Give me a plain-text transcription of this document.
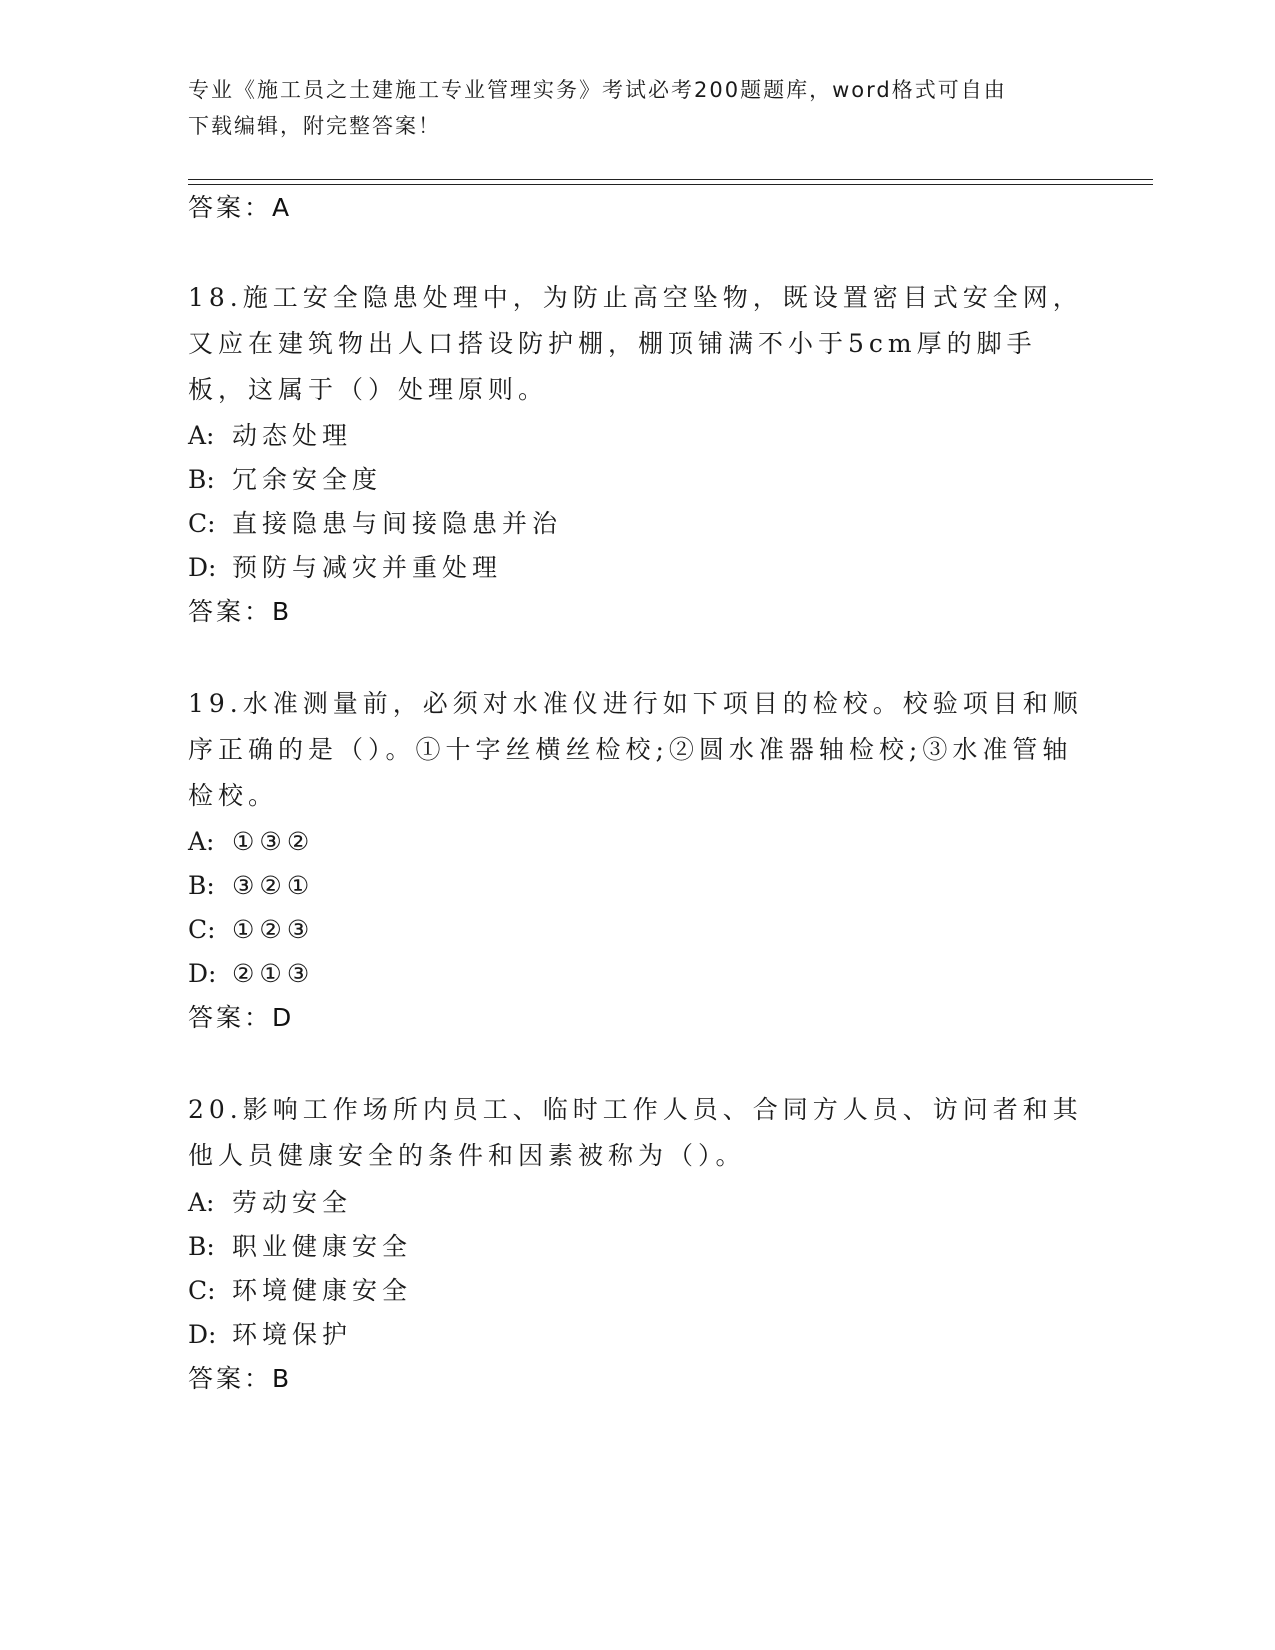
专业《施工员之土建施工专业管理实务》考试必考200题题库，word格式可自由
下载编辑，附完整答案！
答案：A
18.施工安全隐患处理中，为防止高空坠物，既设置密目式安全网，又应在建筑物出人口搭设防护棚，棚顶铺满不小于5cm厚的脚手板，这属于（）处理原则。
A: 动态处理
B: 冗余安全度
C: 直接隐患与间接隐患并治
D: 预防与减灾并重处理
答案：B
19.水准测量前，必须对水准仪进行如下项目的检校。校验项目和顺序正确的是（）。①十字丝横丝检校;②圆水准器轴检校;③水准管轴检校。
A: ①③②
B: ③②①
C: ①②③
D: ②①③
答案：D
20.影响工作场所内员工、临时工作人员、合同方人员、访问者和其他人员健康安全的条件和因素被称为（）。
A: 劳动安全
B: 职业健康安全
C: 环境健康安全
D: 环境保护
答案：B
